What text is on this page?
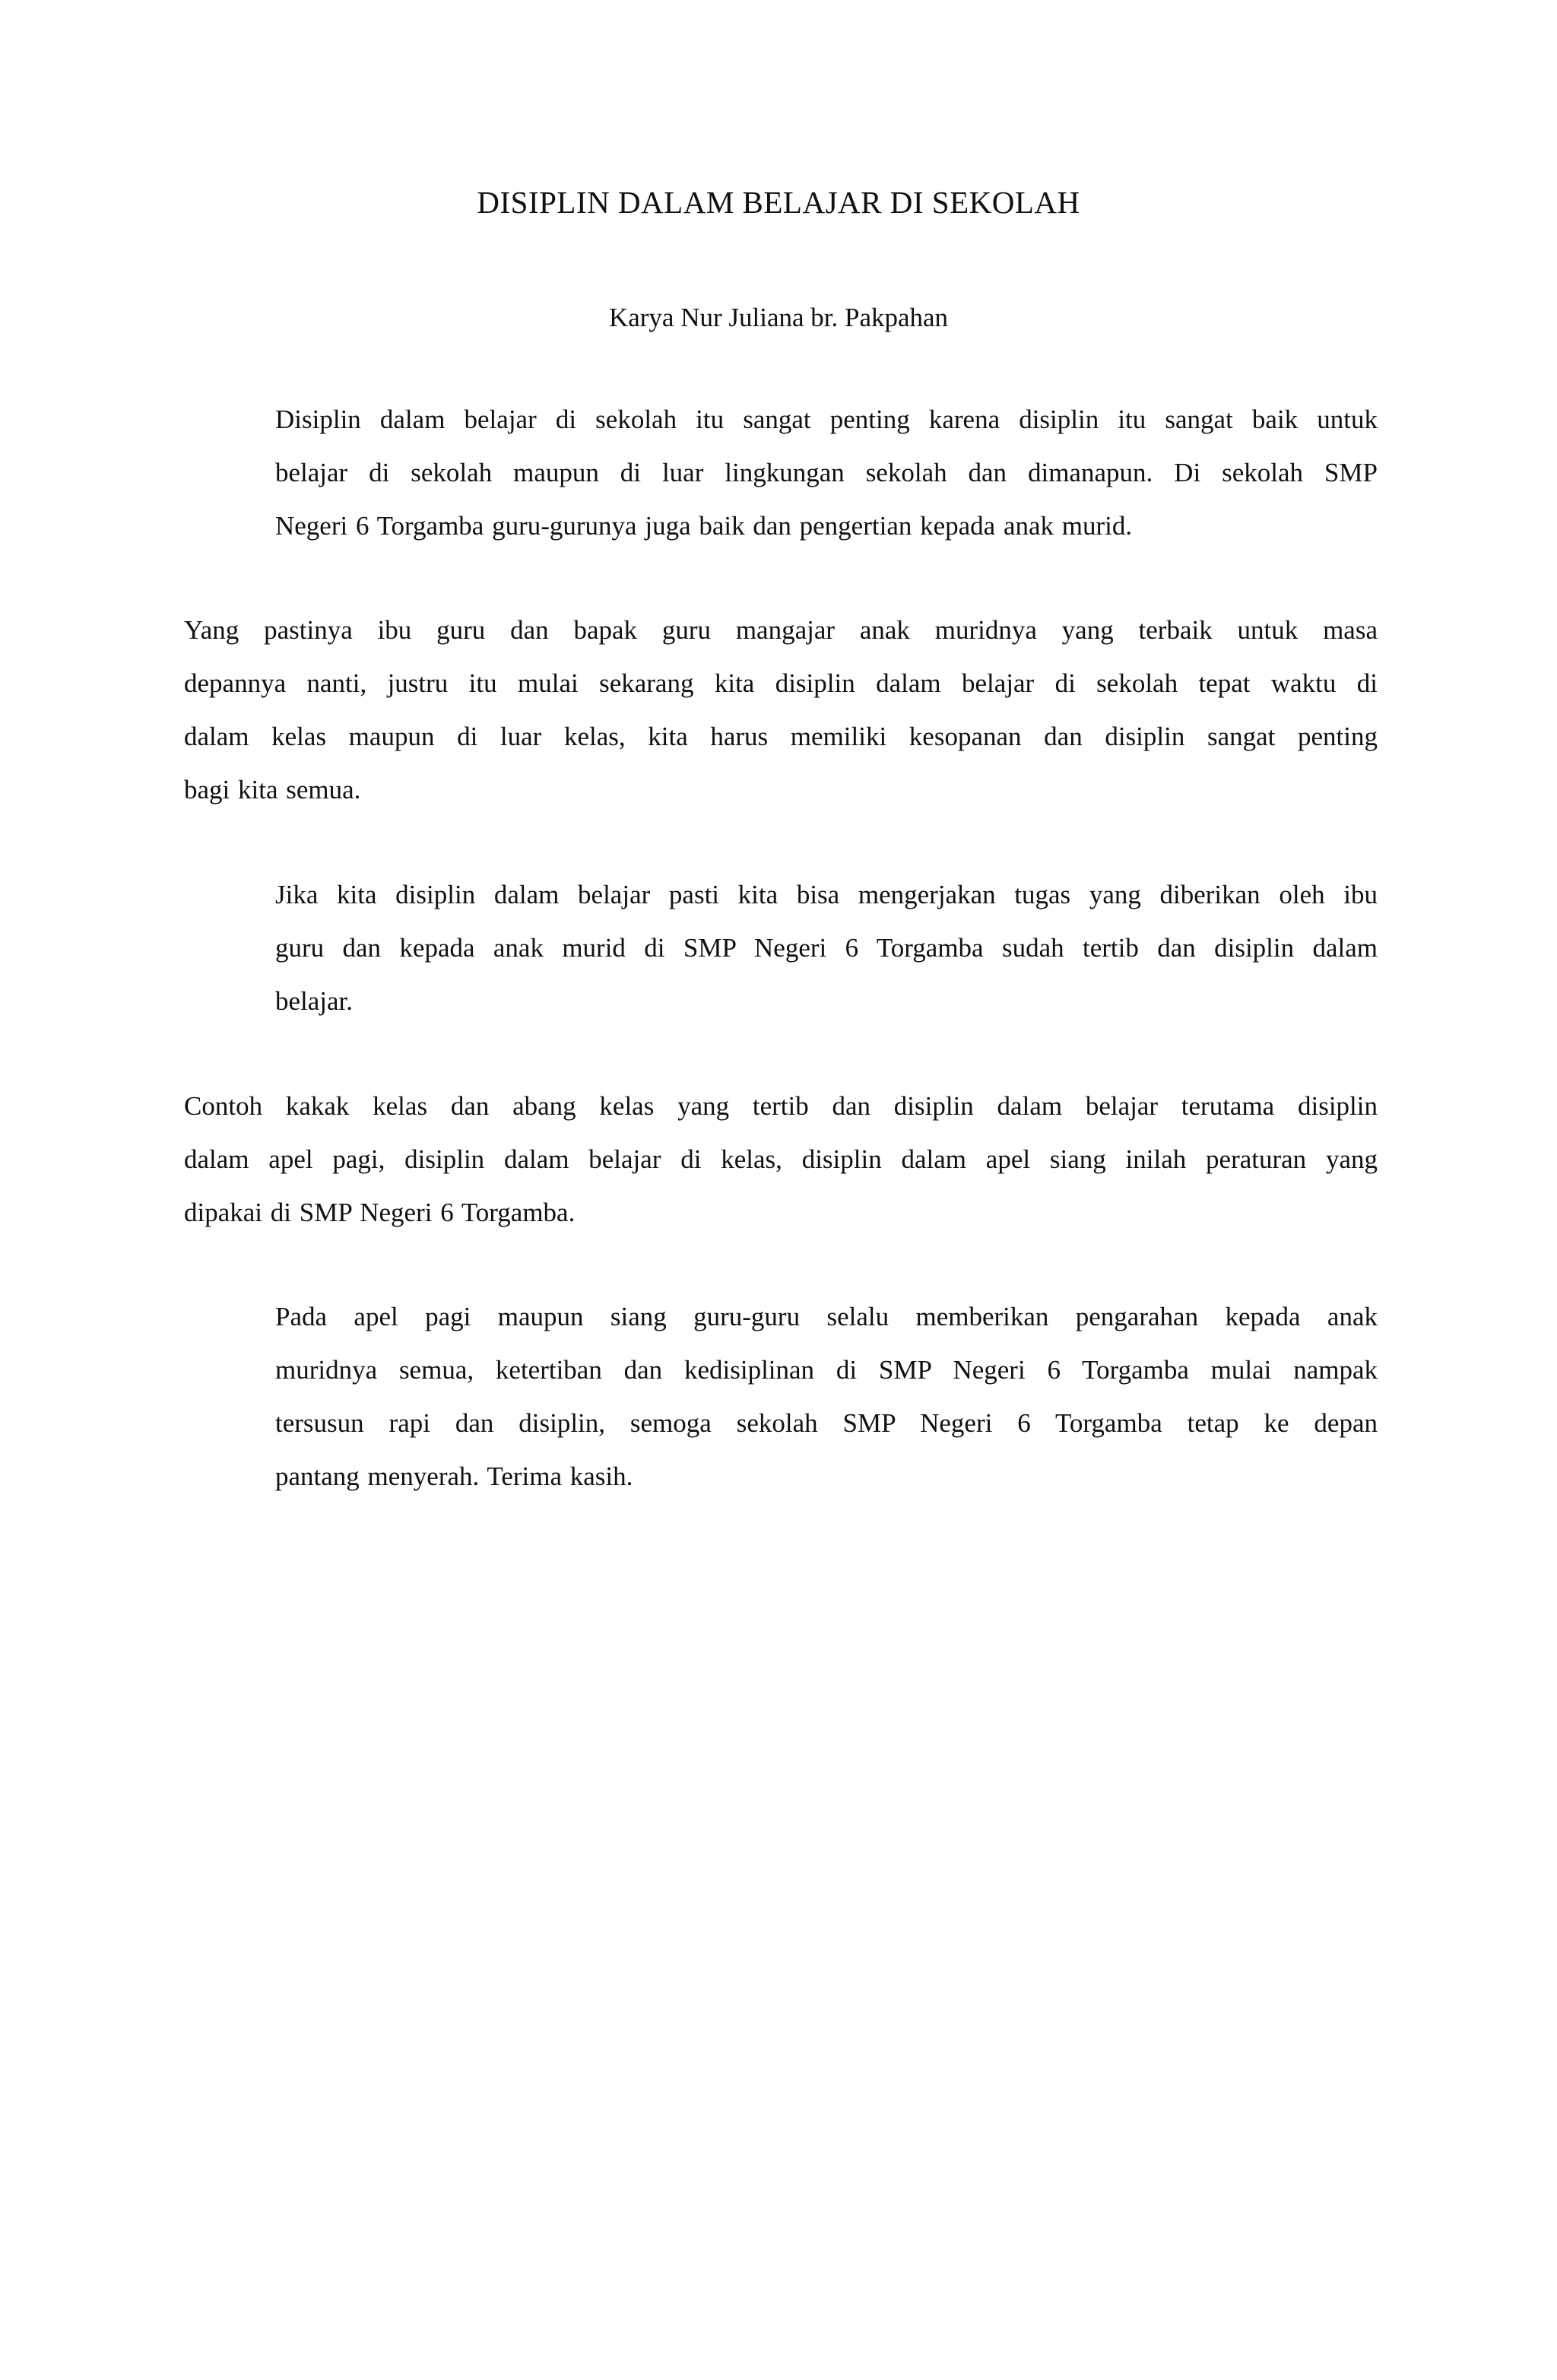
DISIPLIN DALAM BELAJAR DI SEKOLAH

Karya Nur Juliana br. Pakpahan

Disiplin dalam belajar di sekolah itu sangat penting karena disiplin itu sangat baik untuk
belajar di sekolah maupun di luar lingkungan sekolah dan dimanapun. Di sekolah SMP
Negeri 6 Torgamba guru-gurunya juga baik dan pengertian kepada anak murid.
Yang pastinya ibu guru dan bapak guru mangajar anak muridnya yang terbaik untuk masa
depannya nanti, justru itu mulai sekarang kita disiplin dalam belajar di sekolah tepat waktu di
dalam kelas maupun di luar kelas, kita harus memiliki kesopanan dan disiplin sangat penting
bagi kita semua.
Jika kita disiplin dalam belajar pasti kita bisa mengerjakan tugas yang diberikan oleh ibu
guru dan kepada anak murid di SMP Negeri 6 Torgamba sudah tertib dan disiplin dalam
belajar.
Contoh kakak kelas dan abang kelas yang tertib dan disiplin dalam belajar terutama disiplin
dalam apel pagi, disiplin dalam belajar di kelas, disiplin dalam apel siang inilah peraturan yang
dipakai di SMP Negeri 6 Torgamba.
Pada apel pagi maupun siang guru-guru selalu memberikan pengarahan kepada anak
muridnya semua, ketertiban dan kedisiplinan di SMP Negeri 6 Torgamba mulai nampak
tersusun rapi dan disiplin, semoga sekolah SMP Negeri 6 Torgamba tetap ke depan
pantang menyerah. Terima kasih.
